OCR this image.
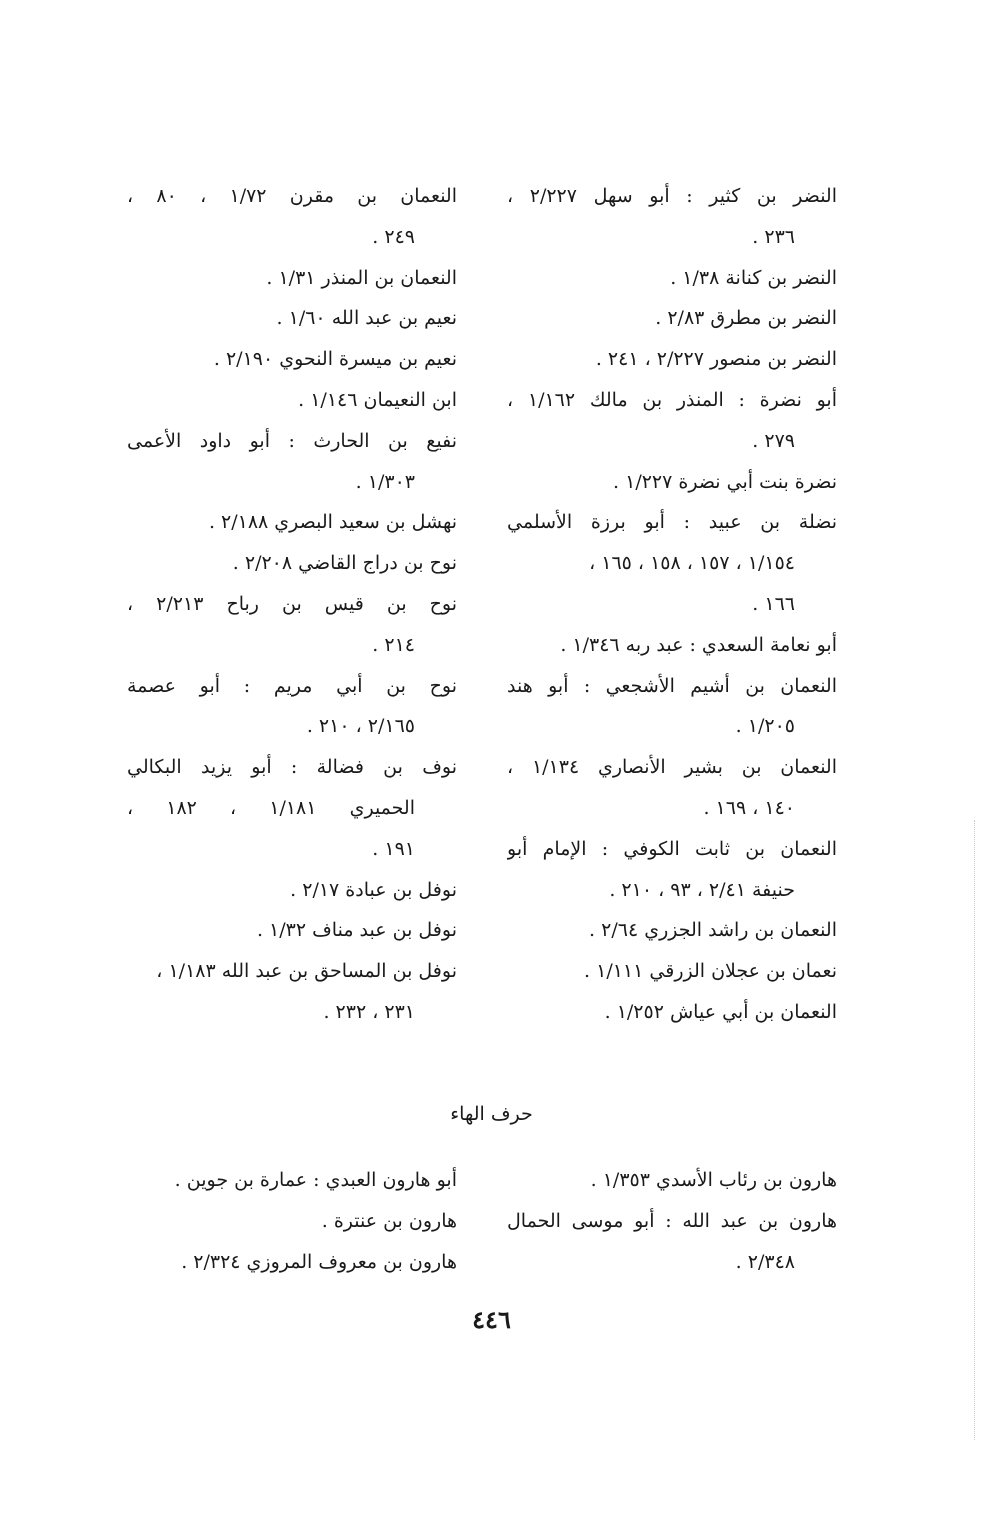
النضر بن كثير : أبو سهل ٢/٢٢٧ ،
٢٣٦ .
النضر بن كنانة ١/٣٨ .
النضر بن مطرق ٢/٨٣ .
النضر بن منصور ٢/٢٢٧ ، ٢٤١ .
أبو نضرة : المنذر بن مالك ١/١٦٢ ،
٢٧٩ .
نضرة بنت أبي نضرة ١/٢٢٧ .
نضلة بن عبيد : أبو برزة الأسلمي
١/١٥٤ ، ١٥٧ ، ١٥٨ ، ١٦٥ ،
١٦٦ .
أبو نعامة السعدي : عبد ربه ١/٣٤٦ .
النعمان بن أشيم الأشجعي : أبو هند
١/٢٠٥ .
النعمان بن بشير الأنصاري ١/١٣٤ ،
١٤٠ ، ١٦٩ .
النعمان بن ثابت الكوفي : الإمام أبو
حنيفة ٢/٤١ ، ٩٣ ، ٢١٠ .
النعمان بن راشد الجزري ٢/٦٤ .
نعمان بن عجلان الزرقي ١/١١١ .
النعمان بن أبي عياش ١/٢٥٢ .
النعمان بن مقرن ١/٧٢ ، ٨٠ ،
٢٤٩ .
النعمان بن المنذر ١/٣١ .
نعيم بن عبد الله ١/٦٠ .
نعيم بن ميسرة النحوي ٢/١٩٠ .
ابن النعيمان ١/١٤٦ .
نفيع بن الحارث : أبو داود الأعمى
١/٣٠٣ .
نهشل بن سعيد البصري ٢/١٨٨ .
نوح بن دراج القاضي ٢/٢٠٨ .
نوح بن قيس بن رباح ٢/٢١٣ ،
٢١٤ .
نوح بن أبي مريم : أبو عصمة
٢/١٦٥ ، ٢١٠ .
نوف بن فضالة : أبو يزيد البكالي
الحميري ١/١٨١ ، ١٨٢ ،
١٩١ .
نوفل بن عبادة ٢/١٧ .
نوفل بن عبد مناف ١/٣٢ .
نوفل بن المساحق بن عبد الله ١/١٨٣ ،
٢٣١ ، ٢٣٢ .
حرف الهاء
هارون بن رئاب الأسدي ١/٣٥٣ .
هارون بن عبد الله : أبو موسى الحمال
٢/٣٤٨ .
أبو هارون العبدي : عمارة بن جوين .
هارون بن عنترة .
هارون بن معروف المروزي ٢/٣٢٤ .
٤٤٦
